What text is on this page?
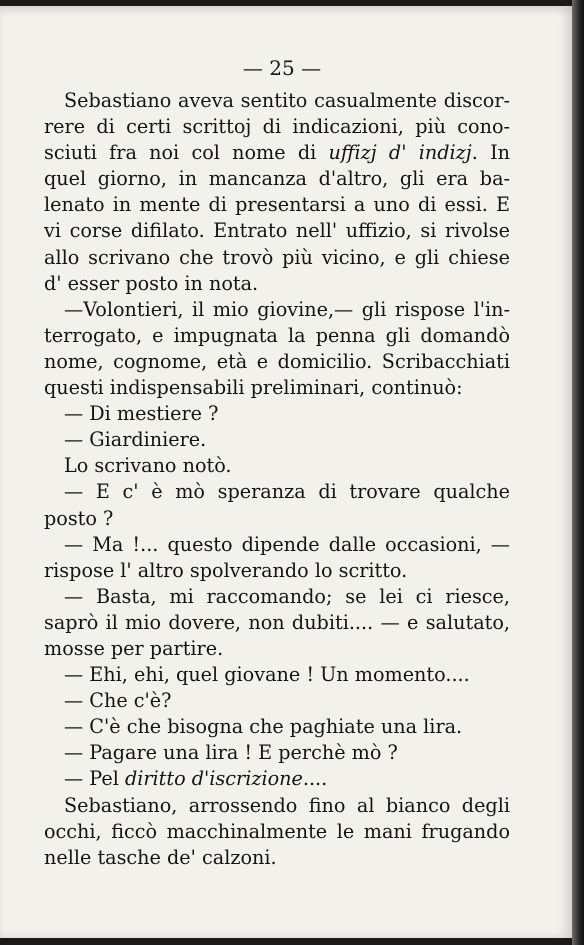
— 25 —
Sebastiano aveva sentito casualmente discor-
rere di certi scrittoj di indicazioni, più cono-
sciuti fra noi col nome di uffizj d' indizj. In
quel giorno, in mancanza d'altro, gli era ba-
lenato in mente di presentarsi a uno di essi. E
vi corse difilato. Entrato nell' uffizio, si rivolse
allo scrivano che trovò più vicino, e gli chiese
d' esser posto in nota.
—Volontieri, il mio giovine,— gli rispose l'in-
terrogato, e impugnata la penna gli domandò
nome, cognome, età e domicilio. Scribacchiati
questi indispensabili preliminari, continuò:
— Di mestiere ?
— Giardiniere.
Lo scrivano notò.
— E c' è mò speranza di trovare qualche
posto ?
— Ma !... questo dipende dalle occasioni, —
rispose l' altro spolverando lo scritto.
— Basta, mi raccomando; se lei ci riesce,
saprò il mio dovere, non dubiti.... — e salutato,
mosse per partire.
— Ehi, ehi, quel giovane ! Un momento....
— Che c'è?
— C'è che bisogna che paghiate una lira.
— Pagare una lira ! E perchè mò ?
— Pel diritto d'iscrizione....
Sebastiano, arrossendo fino al bianco degli
occhi, ficcò macchinalmente le mani frugando
nelle tasche de' calzoni.
